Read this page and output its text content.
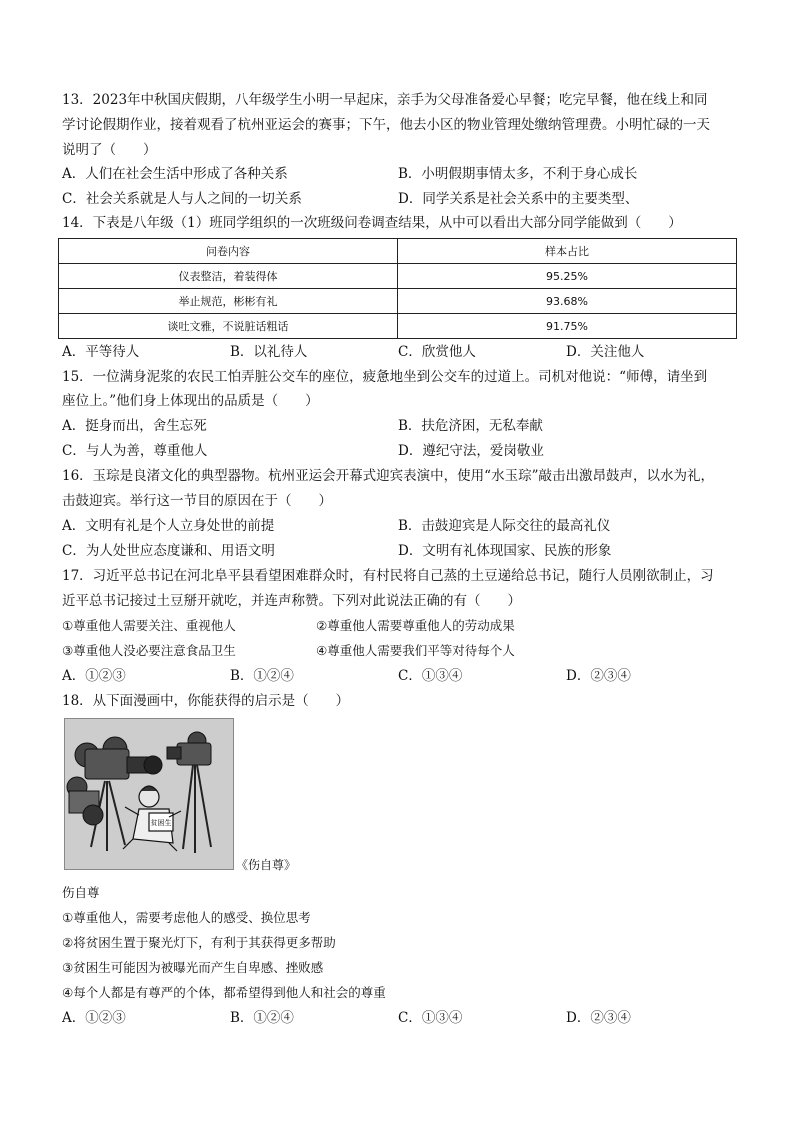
13．2023年中秋国庆假期，八年级学生小明一早起床，亲手为父母准备爱心早餐；吃完早餐，他在线上和同
学讨论假期作业，接着观看了杭州亚运会的赛事；下午，他去小区的物业管理处缴纳管理费。小明忙碌的一天
说明了（　　）
A．人们在社会生活中形成了各种关系	B．小明假期事情太多，不利于身心成长
C．社会关系就是人与人之间的一切关系	D．同学关系是社会关系中的主要类型、
14．下表是八年级（1）班同学组织的一次班级问卷调查结果，从中可以看出大部分同学能做到（　　）
问卷内容	样本占比
仪表整洁，着装得体	95.25%
举止规范，彬彬有礼	93.68%
谈吐文雅，不说脏话粗话	91.75%
A．平等待人	B．以礼待人	C．欣赏他人	D．关注他人
15．一位满身泥浆的农民工怕弄脏公交车的座位，疲惫地坐到公交车的过道上。司机对他说：“师傅，请坐到
座位上。”他们身上体现出的品质是（　　）
A．挺身而出，舍生忘死	B．扶危济困，无私奉献
C．与人为善，尊重他人	D．遵纪守法，爱岗敬业
16．玉琮是良渚文化的典型器物。杭州亚运会开幕式迎宾表演中，使用“水玉琮”敲击出激昂鼓声，以水为礼，
击鼓迎宾。举行这一节目的原因在于（　　）
A．文明有礼是个人立身处世的前提	B．击鼓迎宾是人际交往的最高礼仪
C．为人处世应态度谦和、用语文明	D．文明有礼体现国家、民族的形象
17．习近平总书记在河北阜平县看望困难群众时，有村民将自己蒸的土豆递给总书记，随行人员刚欲制止，习
近平总书记接过土豆掰开就吃，并连声称赞。下列对此说法正确的有（　　）
①尊重他人需要关注、重视他人	②尊重他人需要尊重他人的劳动成果
③尊重他人没必要注意食品卫生	④尊重他人需要我们平等对待每个人
A．①②③	B．①②④	C．①③④	D．②③④
18．从下面漫画中，你能获得的启示是（　　）
贫困生
《伤自尊》
伤自尊
①尊重他人，需要考虑他人的感受、换位思考
②将贫困生置于聚光灯下，有利于其获得更多帮助
③贫困生可能因为被曝光而产生自卑感、挫败感
④每个人都是有尊严的个体，都希望得到他人和社会的尊重
A．①②③	B．①②④	C．①③④	D．②③④
